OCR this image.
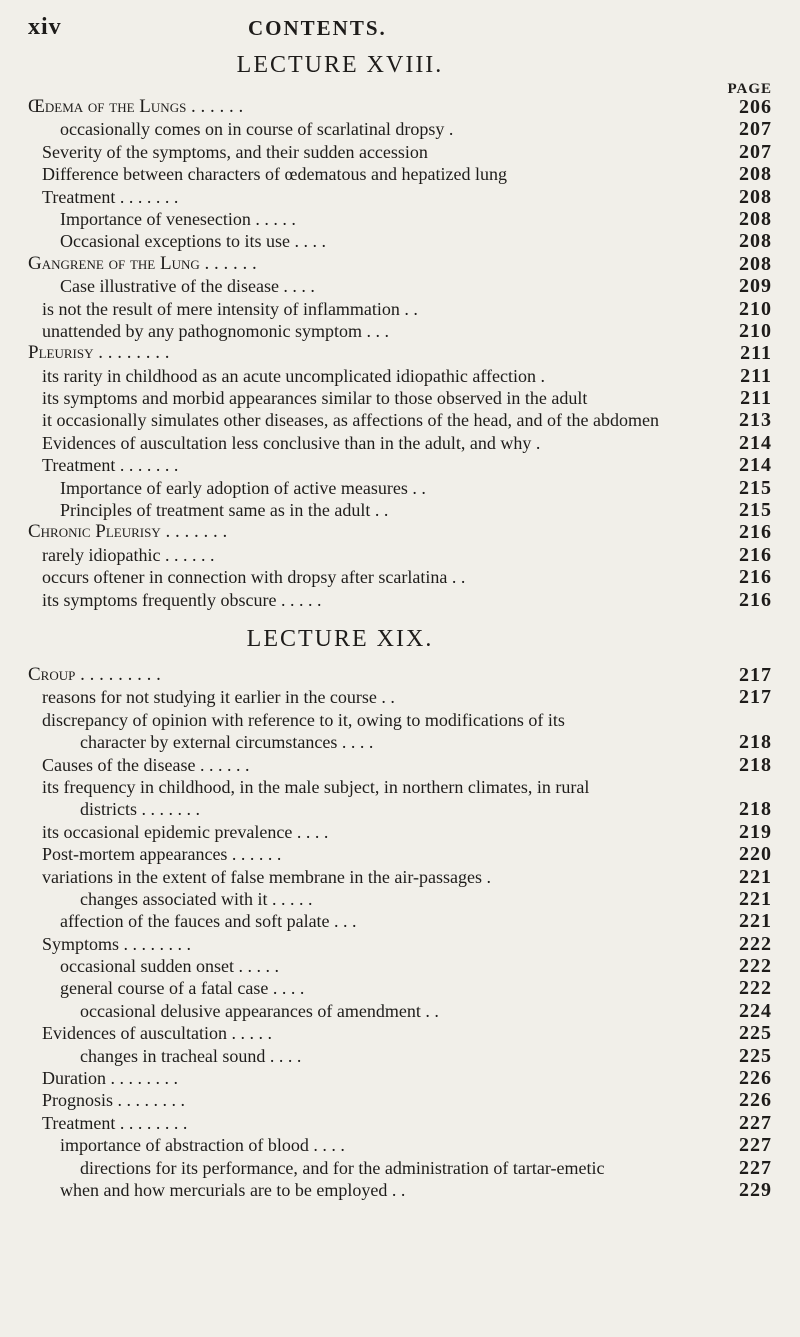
xiv	CONTENTS.
LECTURE XVIII.
PAGE
Œdema of the Lungs . . . . . .	206
occasionally comes on in course of scarlatinal dropsy .	207
Severity of the symptoms, and their sudden accession	207
Difference between characters of œdematous and hepatized lung	208
Treatment . . . . . . .	208
Importance of venesection . . . . .	208
Occasional exceptions to its use . . . .	208
Gangrene of the Lung . . . . . .	208
Case illustrative of the disease . . . .	209
is not the result of mere intensity of inflammation . .	210
unattended by any pathognomonic symptom . . .	210
Pleurisy . . . . . . . .	211
its rarity in childhood as an acute uncomplicated idiopathic affection .	211
its symptoms and morbid appearances similar to those observed in the adult	211
it occasionally simulates other diseases, as affections of the head, and of the abdomen	213
Evidences of auscultation less conclusive than in the adult, and why .	214
Treatment . . . . . . .	214
Importance of early adoption of active measures . .	215
Principles of treatment same as in the adult . .	215
Chronic Pleurisy . . . . . . .	216
rarely idiopathic . . . . . .	216
occurs oftener in connection with dropsy after scarlatina . .	216
its symptoms frequently obscure . . . . .	216
LECTURE XIX.
Croup . . . . . . . . .	217
reasons for not studying it earlier in the course . .	217
discrepancy of opinion with reference to it, owing to modifications of its
character by external circumstances . . . .	218
Causes of the disease . . . . . .	218
its frequency in childhood, in the male subject, in northern climates, in rural
districts . . . . . . .	218
its occasional epidemic prevalence . . . .	219
Post-mortem appearances . . . . . .	220
variations in the extent of false membrane in the air-passages .	221
changes associated with it . . . . .	221
affection of the fauces and soft palate . . .	221
Symptoms . . . . . . . .	222
occasional sudden onset . . . . .	222
general course of a fatal case . . . .	222
occasional delusive appearances of amendment . .	224
Evidences of auscultation . . . . .	225
changes in tracheal sound . . . .	225
Duration . . . . . . . .	226
Prognosis . . . . . . . .	226
Treatment . . . . . . . .	227
importance of abstraction of blood . . . .	227
directions for its performance, and for the administration of tartar-emetic	227
when and how mercurials are to be employed . .	229
